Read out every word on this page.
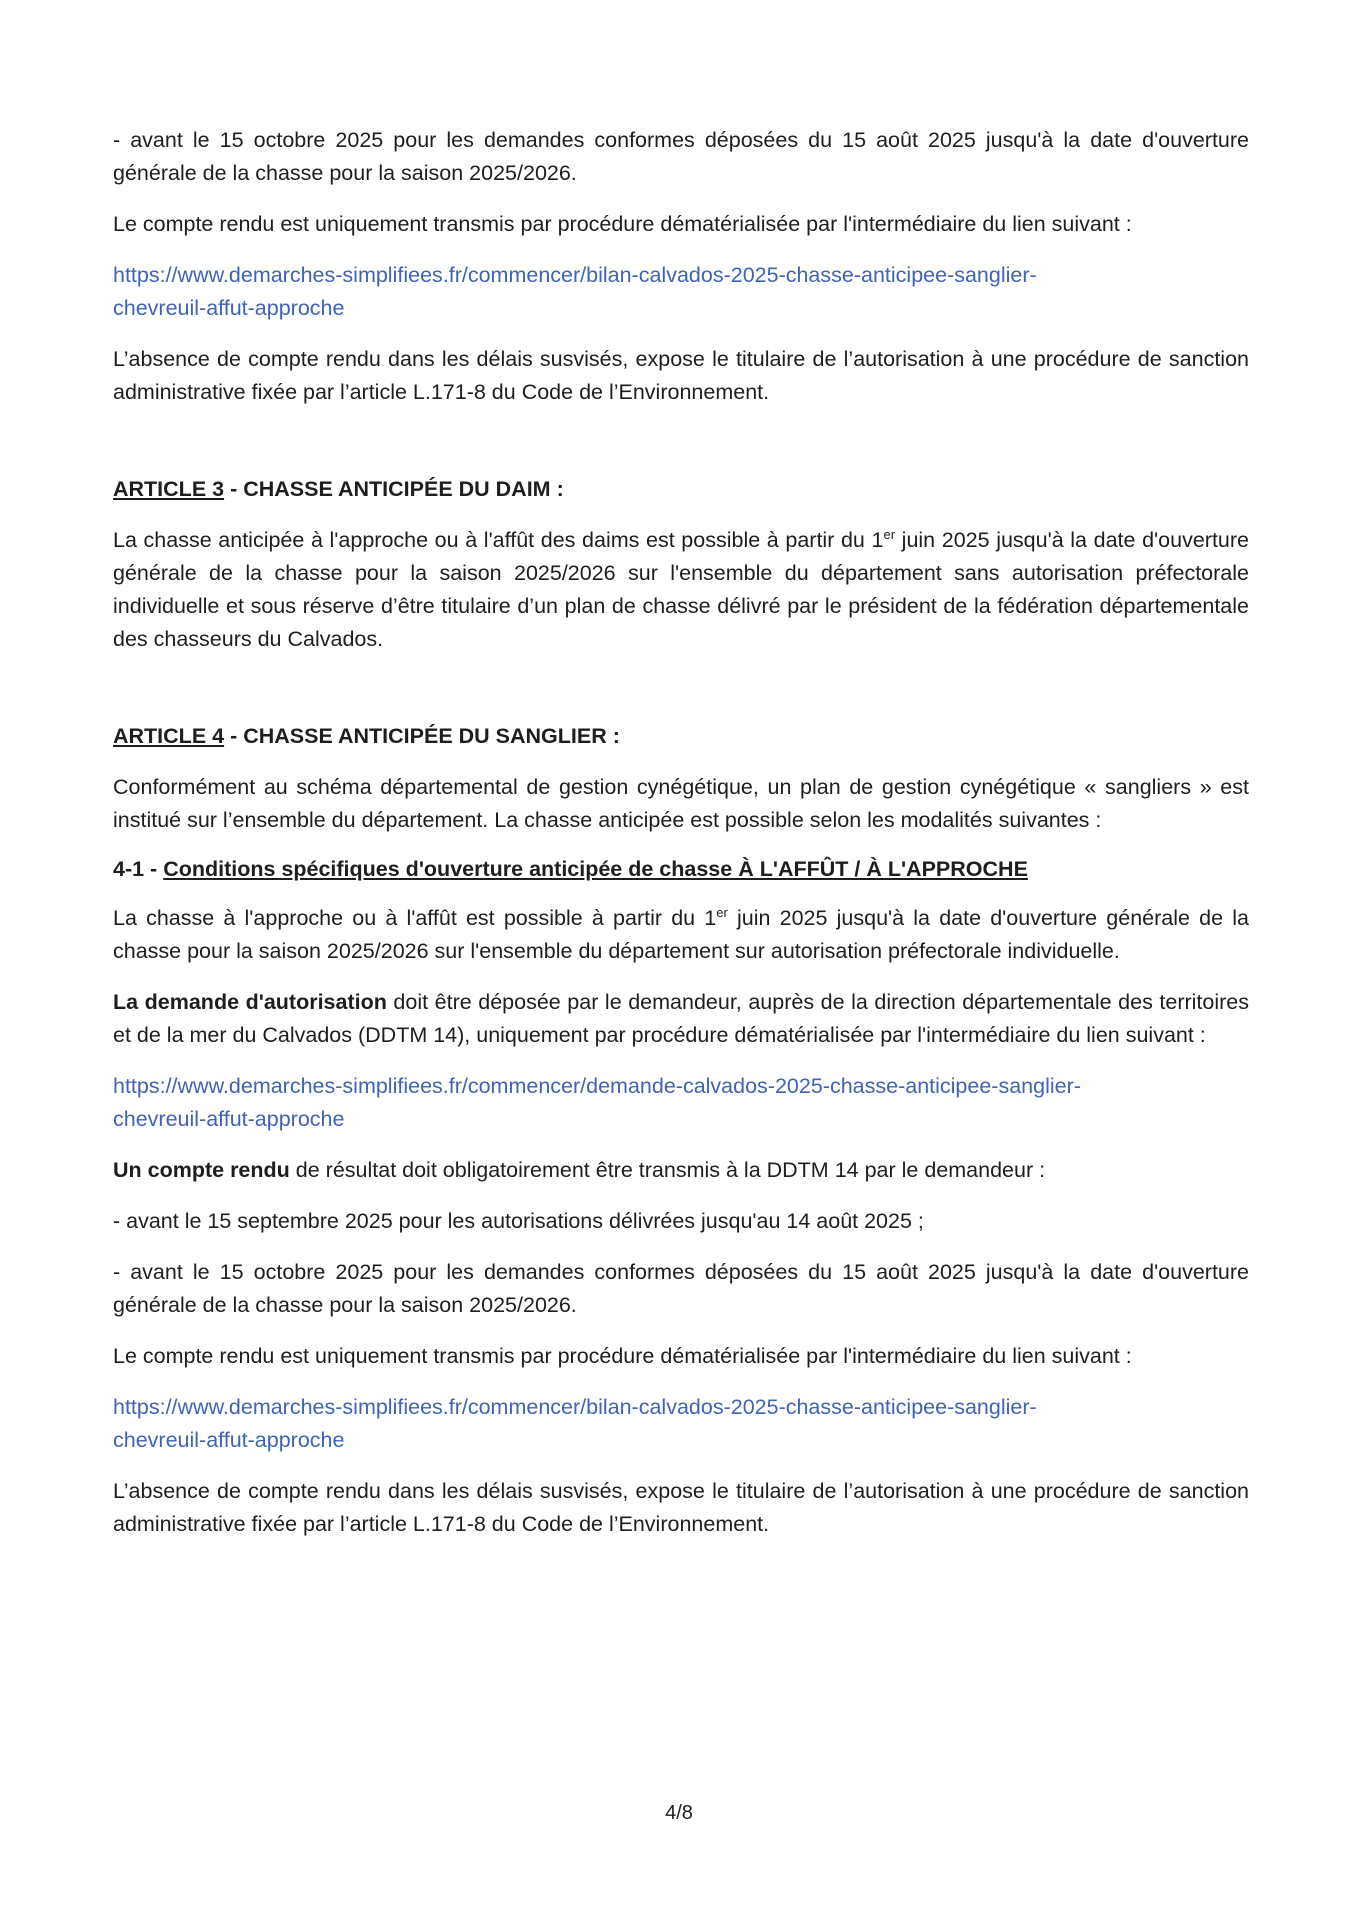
- avant le 15 octobre 2025 pour les demandes conformes déposées du 15 août 2025 jusqu'à la date d'ouverture générale de la chasse pour la saison 2025/2026.

Le compte rendu est uniquement transmis par procédure dématérialisée par l'intermédiaire du lien suivant :

https://www.demarches-simplifiees.fr/commencer/bilan-calvados-2025-chasse-anticipee-sanglier-
chevreuil-affut-approche

L’absence de compte rendu dans les délais susvisés, expose le titulaire de l’autorisation à une procédure de sanction administrative fixée par l’article L.171-8 du Code de l’Environnement.

ARTICLE 3 - CHASSE ANTICIPÉE DU DAIM :

La chasse anticipée à l'approche ou à l'affût des daims est possible à partir du 1er juin 2025 jusqu'à la date d'ouverture générale de la chasse pour la saison 2025/2026 sur l'ensemble du département sans autorisation préfectorale individuelle et sous réserve d’être titulaire d’un plan de chasse délivré par le président de la fédération départementale des chasseurs du Calvados.

ARTICLE 4 - CHASSE ANTICIPÉE DU SANGLIER :

Conformément au schéma départemental de gestion cynégétique, un plan de gestion cynégétique « sangliers » est institué sur l’ensemble du département. La chasse anticipée est possible selon les modalités suivantes :

4-1 - Conditions spécifiques d'ouverture anticipée de chasse À L'AFFÛT / À L'APPROCHE

La chasse à l'approche ou à l'affût est possible à partir du 1er juin 2025 jusqu'à la date d'ouverture générale de la chasse pour la saison 2025/2026 sur l'ensemble du département sur autorisation préfectorale individuelle.

La demande d'autorisation doit être déposée par le demandeur, auprès de la direction départementale des territoires et de la mer du Calvados (DDTM 14), uniquement par procédure dématérialisée par l'intermédiaire du lien suivant :

https://www.demarches-simplifiees.fr/commencer/demande-calvados-2025-chasse-anticipee-sanglier-
chevreuil-affut-approche

Un compte rendu de résultat doit obligatoirement être transmis à la DDTM 14 par le demandeur :

- avant le 15 septembre 2025 pour les autorisations délivrées jusqu'au 14 août 2025 ;

- avant le 15 octobre 2025 pour les demandes conformes déposées du 15 août 2025 jusqu'à la date d'ouverture générale de la chasse pour la saison 2025/2026.

Le compte rendu est uniquement transmis par procédure dématérialisée par l'intermédiaire du lien suivant :

https://www.demarches-simplifiees.fr/commencer/bilan-calvados-2025-chasse-anticipee-sanglier-
chevreuil-affut-approche

L’absence de compte rendu dans les délais susvisés, expose le titulaire de l’autorisation à une procédure de sanction administrative fixée par l’article L.171-8 du Code de l’Environnement.

4/8
